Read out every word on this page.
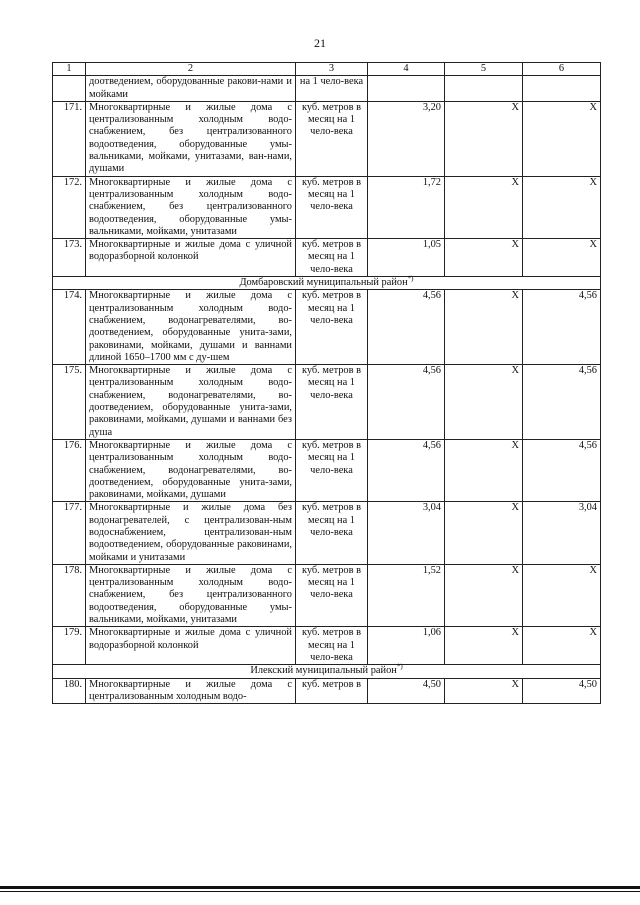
21
1	2	3	4	5	6
	доотведением, оборудованные ракови-нами и мойками	на 1 чело-века			
171.	Многоквартирные и жилые дома с централизованным холодным водо-снабжением, без централизованного водоотведения, оборудованные умы-вальниками, мойками, унитазами, ван-нами, душами	куб. метров в месяц на 1 чело-века	3,20	Х	Х
172.	Многоквартирные и жилые дома с централизованным холодным водо-снабжением, без централизованного водоотведения, оборудованные умы-вальниками, мойками, унитазами	куб. метров в месяц на 1 чело-века	1,72	Х	Х
173.	Многоквартирные и жилые дома с уличной водоразборной колонкой	куб. метров в месяц на 1 чело-века	1,05	Х	Х
Домбаровский муниципальный район*)
174.	Многоквартирные и жилые дома с централизованным холодным водо-снабжением, водонагревателями, во-доотведением, оборудованные унита-зами, раковинами, мойками, душами и ваннами длиной 1650–1700 мм с ду-шем	куб. метров в месяц на 1 чело-века	4,56	Х	4,56
175.	Многоквартирные и жилые дома с централизованным холодным водо-снабжением, водонагревателями, во-доотведением, оборудованные унита-зами, раковинами, мойками, душами и ваннами без душа	куб. метров в месяц на 1 чело-века	4,56	Х	4,56
176.	Многоквартирные и жилые дома с централизованным холодным водо-снабжением, водонагревателями, во-доотведением, оборудованные унита-зами, раковинами, мойками, душами	куб. метров в месяц на 1 чело-века	4,56	Х	4,56
177.	Многоквартирные и жилые дома без водонагревателей, с централизован-ным водоснабжением, централизован-ным водоотведением, оборудованные раковинами, мойками и унитазами	куб. метров в месяц на 1 чело-века	3,04	Х	3,04
178.	Многоквартирные и жилые дома с централизованным холодным водо-снабжением, без централизованного водоотведения, оборудованные умы-вальниками, мойками, унитазами	куб. метров в месяц на 1 чело-века	1,52	Х	Х
179.	Многоквартирные и жилые дома с уличной водоразборной колонкой	куб. метров в месяц на 1 чело-века	1,06	Х	Х
Илекский муниципальный район*)
180.	Многоквартирные и жилые дома с централизованным холодным водо-	куб. метров в	4,50	Х	4,50
